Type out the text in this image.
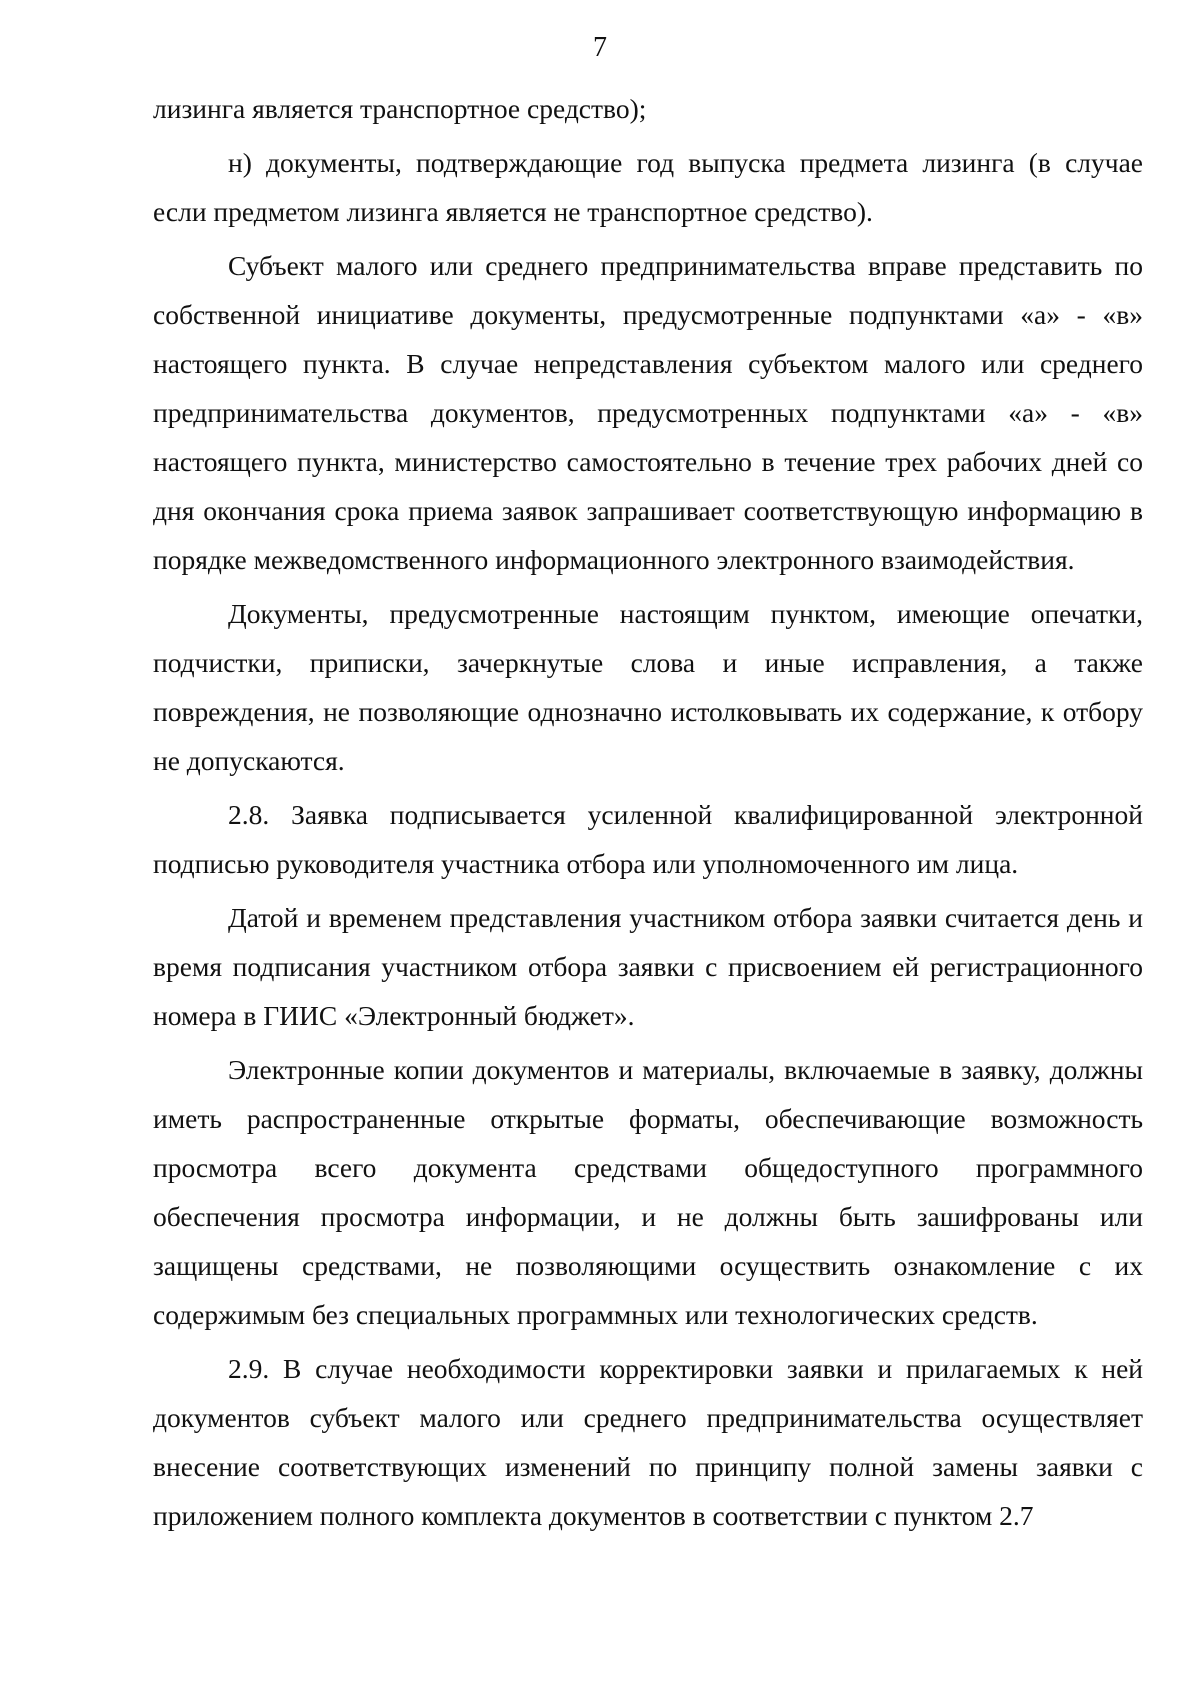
7

лизинга является транспортное средство);

н) документы, подтверждающие год выпуска предмета лизинга (в случае если предметом лизинга является не транспортное средство).

Субъект малого или среднего предпринимательства вправе представить по собственной инициативе документы, предусмотренные подпунктами «а» - «в» настоящего пункта. В случае непредставления субъектом малого или среднего предпринимательства документов, предусмотренных подпунктами «а» - «в» настоящего пункта, министерство самостоятельно в течение трех рабочих дней со дня окончания срока приема заявок запрашивает соответствующую информацию в порядке межведомственного информационного электронного взаимодействия.

Документы, предусмотренные настоящим пунктом, имеющие опечатки, подчистки, приписки, зачеркнутые слова и иные исправления, а также повреждения, не позволяющие однозначно истолковывать их содержание, к отбору не допускаются.

2.8. Заявка подписывается усиленной квалифицированной электронной подписью руководителя участника отбора или уполномоченного им лица.

Датой и временем представления участником отбора заявки считается день и время подписания участником отбора заявки с присвоением ей регистрационного номера в ГИИС «Электронный бюджет».

Электронные копии документов и материалы, включаемые в заявку, должны иметь распространенные открытые форматы, обеспечивающие возможность просмотра всего документа средствами общедоступного программного обеспечения просмотра информации, и не должны быть зашифрованы или защищены средствами, не позволяющими осуществить ознакомление с их содержимым без специальных программных или технологических средств.

2.9. В случае необходимости корректировки заявки и прилагаемых к ней документов субъект малого или среднего предпринимательства осуществляет внесение соответствующих изменений по принципу полной замены заявки с приложением полного комплекта документов в соответствии с пунктом 2.7
